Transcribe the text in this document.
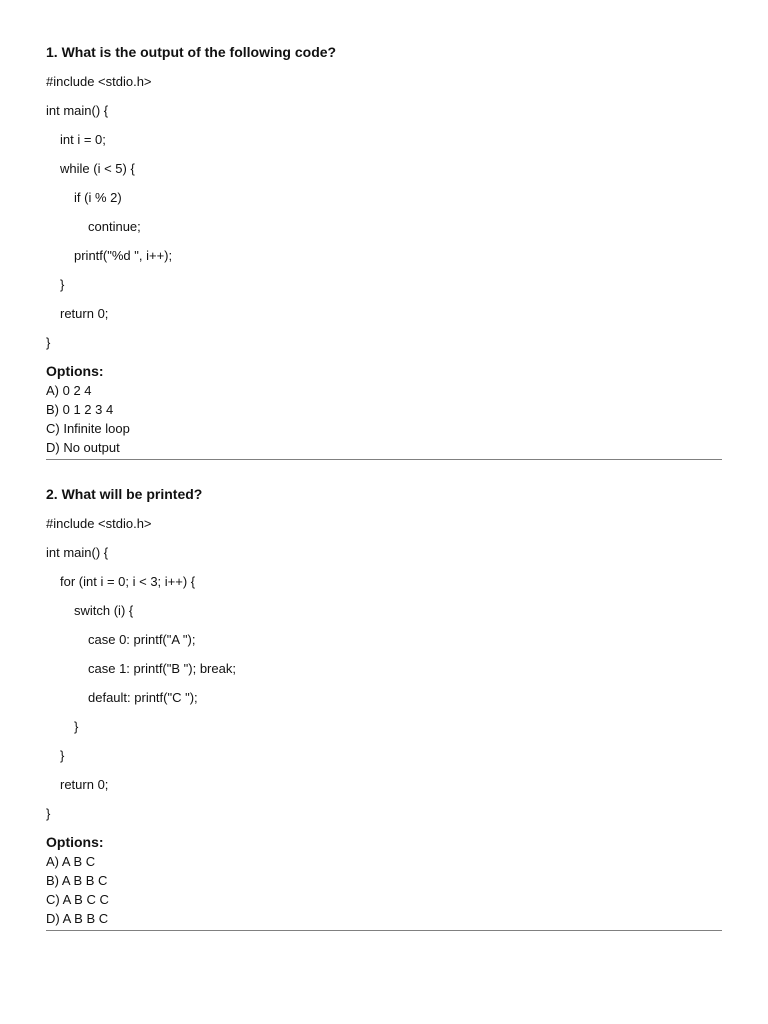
1. What is the output of the following code?
#include <stdio.h>
int main() {
int i = 0;
while (i < 5) {
if (i % 2)
continue;
printf("%d ", i++);
}
return 0;
}
Options:
A) 0 2 4
B) 0 1 2 3 4
C) Infinite loop
D) No output
2. What will be printed?
#include <stdio.h>
int main() {
for (int i = 0; i < 3; i++) {
switch (i) {
case 0: printf("A ");
case 1: printf("B "); break;
default: printf("C ");
}
}
return 0;
}
Options:
A) A B C
B) A B B C
C) A B C C
D) A B B C
